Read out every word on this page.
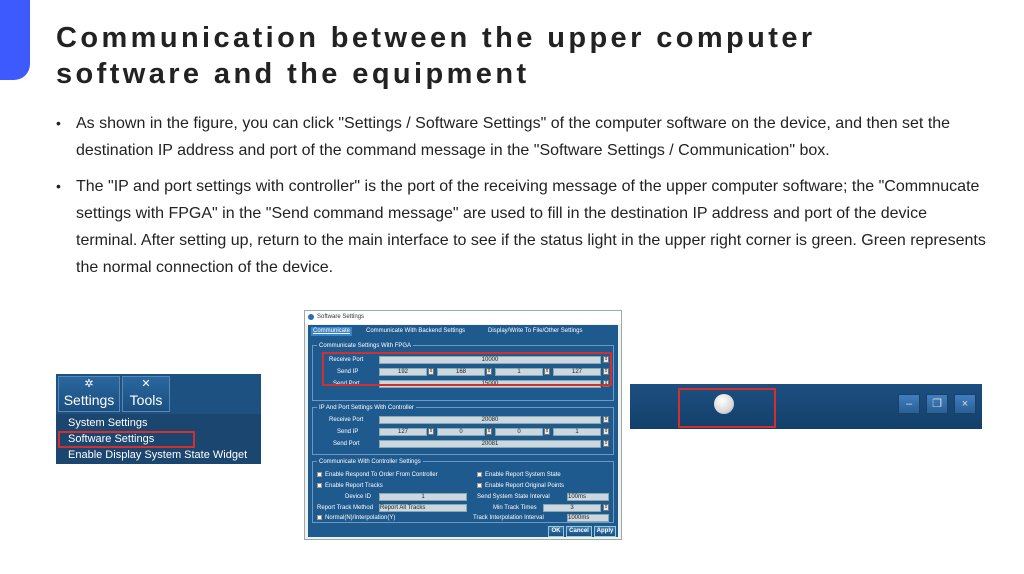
Communication between the upper computer
software and the equipment
• As shown in the figure, you can click "Settings / Software Settings" of the computer software on the device, and then set the destination IP address and port of the command message in the "Software Settings / Communication" box.
• The "IP and port settings with controller" is the port of the receiving message of the upper computer software; the "Commnucate settings with FPGA" in the "Send command message" are used to fill in the destination IP address and port of the device terminal. After setting up, return to the main interface to see if the status light in the upper right corner is green. Green represents the normal connection of the device.
✲
Settings
✕
Tools
System Settings
Software Settings
Enable Display System State Widget
Software Settings
Communicate	Communicate With Backend Settings	Display/Write To File/Other Settings
Communicate Settings With FPGA
Receive Port	10000	⇕
Send IP	192	⇕	168	⇕	1	⇕	127	⇕
Send Port	15000	⇕
IP And Port Settings With Controller
Receive Port	20080	⇕
Send IP	127	⇕	0	⇕	0	⇕	1	⇕
Send Port	20081	⇕
Communicate With Controller Settings
Enable Respond To Order From Controller	Enable Report System State
Enable Report Tracks	Enable Report Original Points
Device ID	1	Send System State Interval	100ms
Report Track Method Report All Tracks	Min Track Times	3	⇕
Normal(N)/Interpolation(Y)	Track Interpolation Interval	1000ms
OK	Cancel	Apply
–	❐	×
